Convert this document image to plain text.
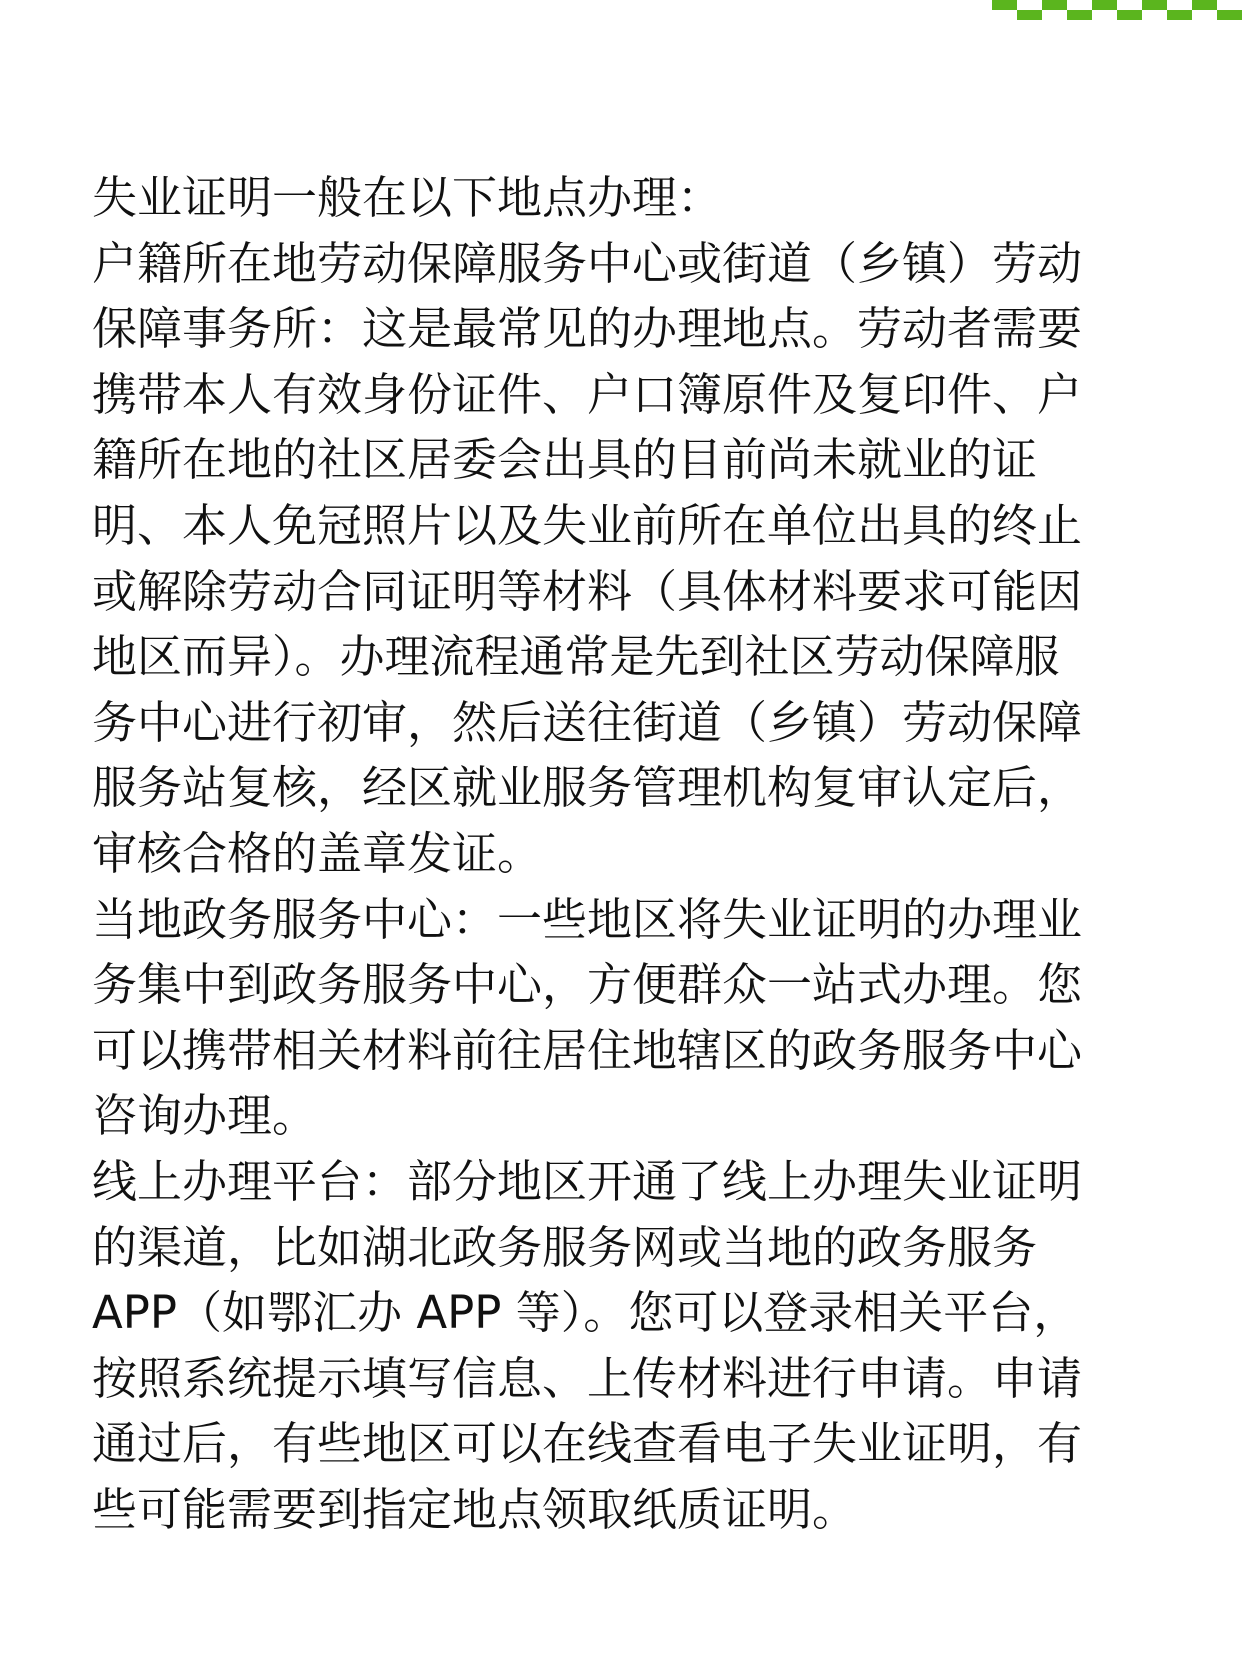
失业证明一般在以下地点办理：
户籍所在地劳动保障服务中心或街道（乡镇）劳动
保障事务所：这是最常见的办理地点。劳动者需要
携带本人有效身份证件、户口簿原件及复印件、户
籍所在地的社区居委会出具的目前尚未就业的证
明、本人免冠照片以及失业前所在单位出具的终止
或解除劳动合同证明等材料（具体材料要求可能因
地区而异）。办理流程通常是先到社区劳动保障服
务中心进行初审，然后送往街道（乡镇）劳动保障
服务站复核，经区就业服务管理机构复审认定后，
审核合格的盖章发证。
当地政务服务中心：一些地区将失业证明的办理业
务集中到政务服务中心，方便群众一站式办理。您
可以携带相关材料前往居住地辖区的政务服务中心
咨询办理。
线上办理平台：部分地区开通了线上办理失业证明
的渠道，比如湖北政务服务网或当地的政务服务
APP（如鄂汇办 APP 等）。您可以登录相关平台，
按照系统提示填写信息、上传材料进行申请。申请
通过后，有些地区可以在线查看电子失业证明，有
些可能需要到指定地点领取纸质证明。
